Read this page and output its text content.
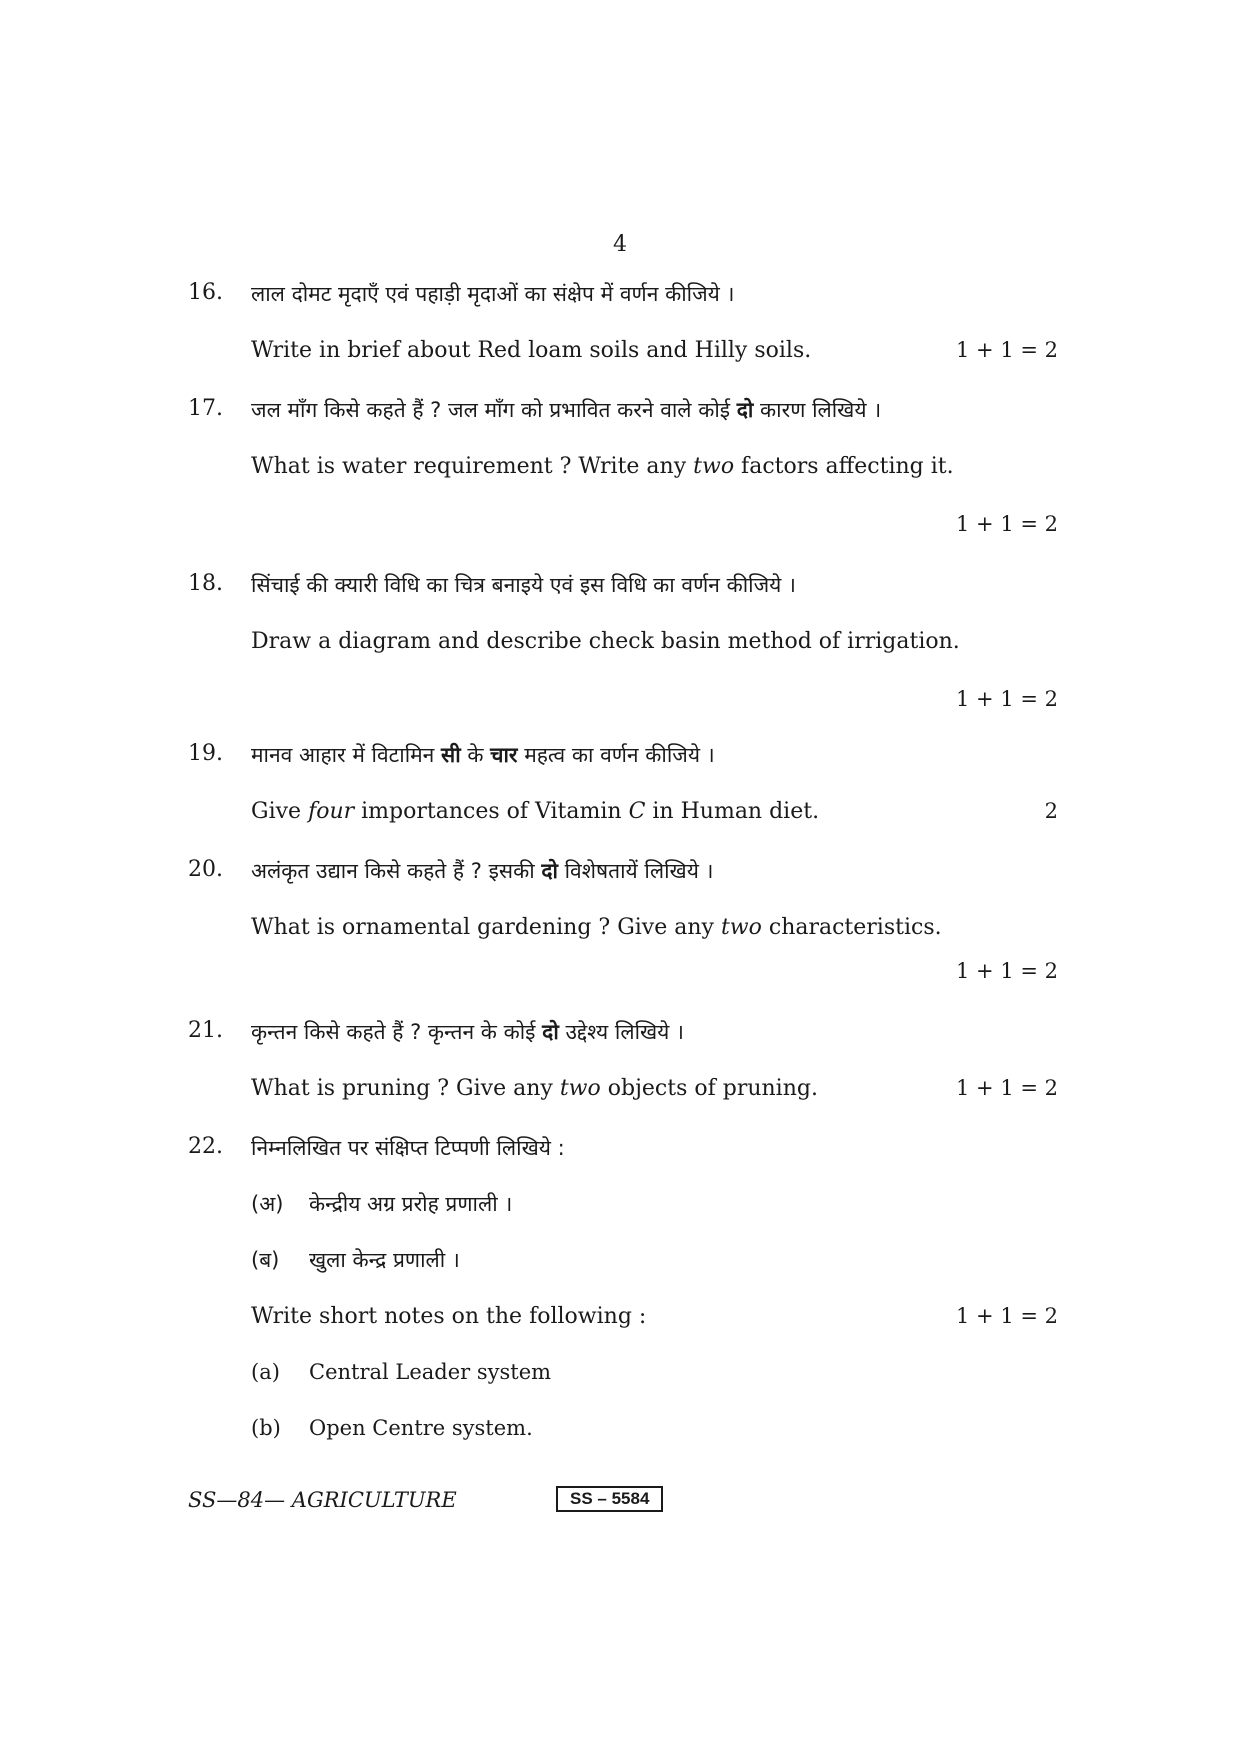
4
16. लाल दोमट मृदाएँ एवं पहाड़ी मृदाओं का संक्षेप में वर्णन कीजिये ।
Write in brief about Red loam soils and Hilly soils.	1 + 1 = 2
17. जल माँग किसे कहते हैं ? जल माँग को प्रभावित करने वाले कोई दो कारण लिखिये ।
What is water requirement ? Write any two factors affecting it.
1 + 1 = 2
18. सिंचाई की क्यारी विधि का चित्र बनाइये एवं इस विधि का वर्णन कीजिये ।
Draw a diagram and describe check basin method of irrigation.
1 + 1 = 2
19. मानव आहार में विटामिन सी के चार महत्व का वर्णन कीजिये ।
Give four importances of Vitamin C in Human diet.	2
20. अलंकृत उद्यान किसे कहते हैं ? इसकी दो विशेषतायें लिखिये ।
What is ornamental gardening ? Give any two characteristics.
1 + 1 = 2
21. कृन्तन किसे कहते हैं ? कृन्तन के कोई दो उद्देश्य लिखिये ।
What is pruning ? Give any two objects of pruning.	1 + 1 = 2
22. निम्नलिखित पर संक्षिप्त टिप्पणी लिखिये :
(अ) केन्द्रीय अग्र प्ररोह प्रणाली ।
(ब) खुला केन्द्र प्रणाली ।
Write short notes on the following :	1 + 1 = 2
(a) Central Leader system
(b) Open Centre system.
SS—84— AGRICULTURE	SS – 5584
